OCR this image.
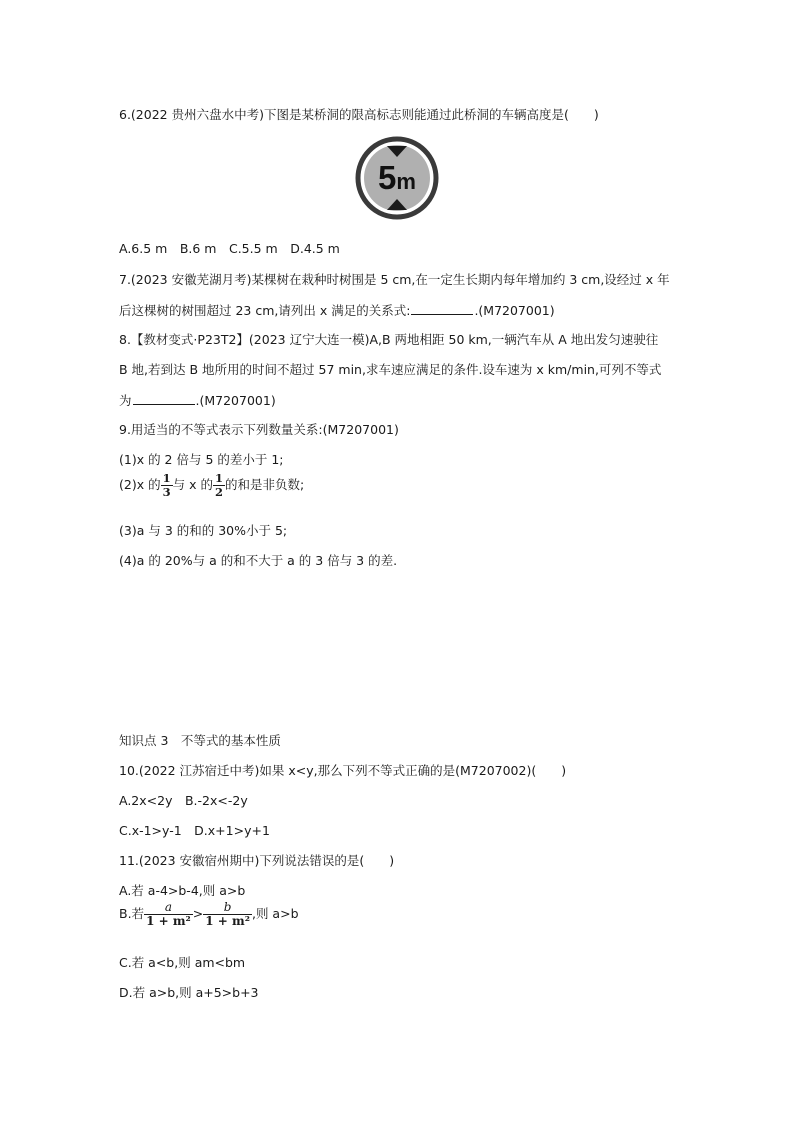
6.(2022 贵州六盘水中考)下图是某桥洞的限高标志则能通过此桥洞的车辆高度是(　　)
5m
A.6.5 m　B.6 m　C.5.5 m　D.4.5 m
7.(2023 安徽芜湖月考)某棵树在栽种时树围是 5 cm,在一定生长期内每年增加约 3 cm,设经过 x 年
后这棵树的树围超过 23 cm,请列出 x 满足的关系式:	.(M7207001)
8.【教材变式·P23T2】(2023 辽宁大连一模)A,B 两地相距 50 km,一辆汽车从 A 地出发匀速驶往
B 地,若到达 B 地所用的时间不超过 57 min,求车速应满足的条件.设车速为 x km/min,可列不等式
为	.(M7207001)
9.用适当的不等式表示下列数量关系:(M7207001)
(1)x 的 2 倍与 5 的差小于 1;
(2)x 的 $\frac{1}{3}$ 与 x 的 $\frac{1}{2}$ 的和是非负数;
(3)a 与 3 的和的 30%小于 5;
(4)a 的 20%与 a 的和不大于 a 的 3 倍与 3 的差.
知识点 3　不等式的基本性质
10.(2022 江苏宿迁中考)如果 x<y,那么下列不等式正确的是(M7207002)(　　)
A.2x<2y　B.-2x<-2y
C.x-1>y-1　D.x+1>y+1
11.(2023 安徽宿州期中)下列说法错误的是(　　)
A.若 a-4>b-4,则 a>b
B.若 $\frac{a}{\text{1 + m²}} > \frac{b}{\text{1 + m²}}$ ,则 a>b
C.若 a<b,则 am<bm
D.若 a>b,则 a+5>b+3
